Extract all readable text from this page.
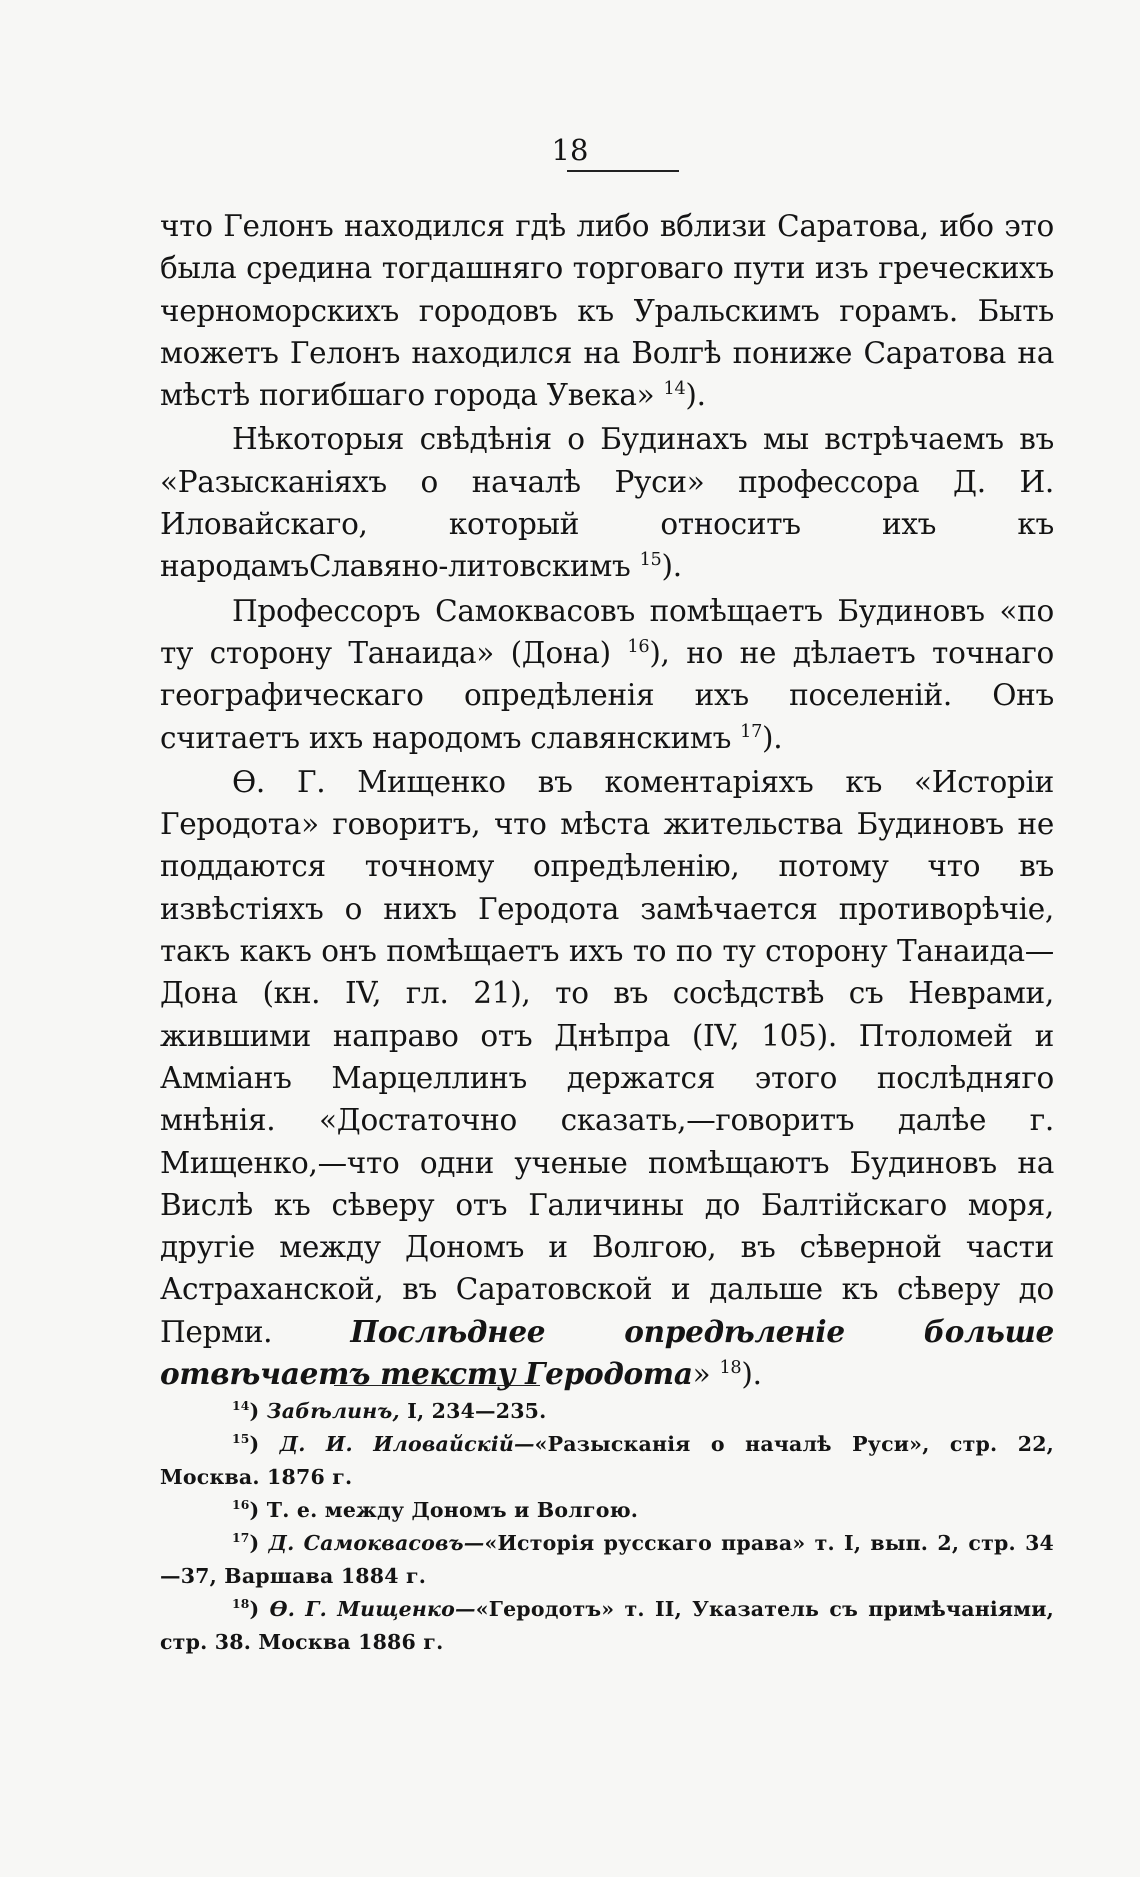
18

что Гелонъ находился гдѣ либо вблизи Саратова, ибо это была средина тогдашняго торговаго пути изъ греческихъ черноморскихъ городовъ къ Уральскимъ горамъ. Быть можетъ Гелонъ находился на Волгѣ пониже Саратова на мѣстѣ погибшаго города Увека» $^{14}$).

Нѣкоторыя свѣдѣнія о Будинахъ мы встрѣчаемъ въ «Разысканіяхъ о началѣ Руси» профессора Д. И. Иловайскаго, который относитъ ихъ къ народамъСлавяно-литовскимъ $^{15}$).

Профессоръ Самоквасовъ помѣщаетъ Будиновъ «по ту сторону Танаида» (Дона) $^{16}$), но не дѣлаетъ точнаго географическаго опредѣленія ихъ поселеній. Онъ считаетъ ихъ народомъ славянскимъ $^{17}$).

Ѳ. Г. Мищенко въ коментаріяхъ къ «Исторіи Геродота» говоритъ, что мѣста жительства Будиновъ не поддаются точному опредѣленію, потому что въ извѣстіяхъ о нихъ Геродота замѣчается противорѣчіе, такъ какъ онъ помѣщаетъ ихъ то по ту сторону Танаида—Дона (кн. IV, гл. 21), то въ сосѣдствѣ съ Неврами, жившими направо отъ Днѣпра (IV, 105). Птоломей и Аммiанъ Марцеллинъ держатся этого послѣдняго мнѣнія. «Достаточно сказать,—говоритъ далѣе г. Мищенко,—что одни ученые помѣщаютъ Будиновъ на Вислѣ къ сѣверу отъ Галичины до Балтійскаго моря, другіе между Дономъ и Волгою, въ сѣверной части Астраханской, въ Саратовской и дальше къ сѣверу до Перми. Послѣднее опредѣленіе больше отвѣчаетъ тексту Геродота» $^{18}$).

$^{14}$) Забѣлинъ, I, 234—235.

$^{15}$) Д. И. Иловайскій—«Разысканія о началѣ Руси», стр. 22, Москва. 1876 г.

$^{16}$) Т. е. между Дономъ и Волгою.

$^{17}$) Д. Самоквасовъ—«Исторія русскаго права» т. I, вып. 2, стр. 34—37, Варшава 1884 г.

$^{18}$) Ѳ. Г. Мищенко—«Геродотъ» т. II, Указатель съ примѣчаніями, стр. 38. Москва 1886 г.
